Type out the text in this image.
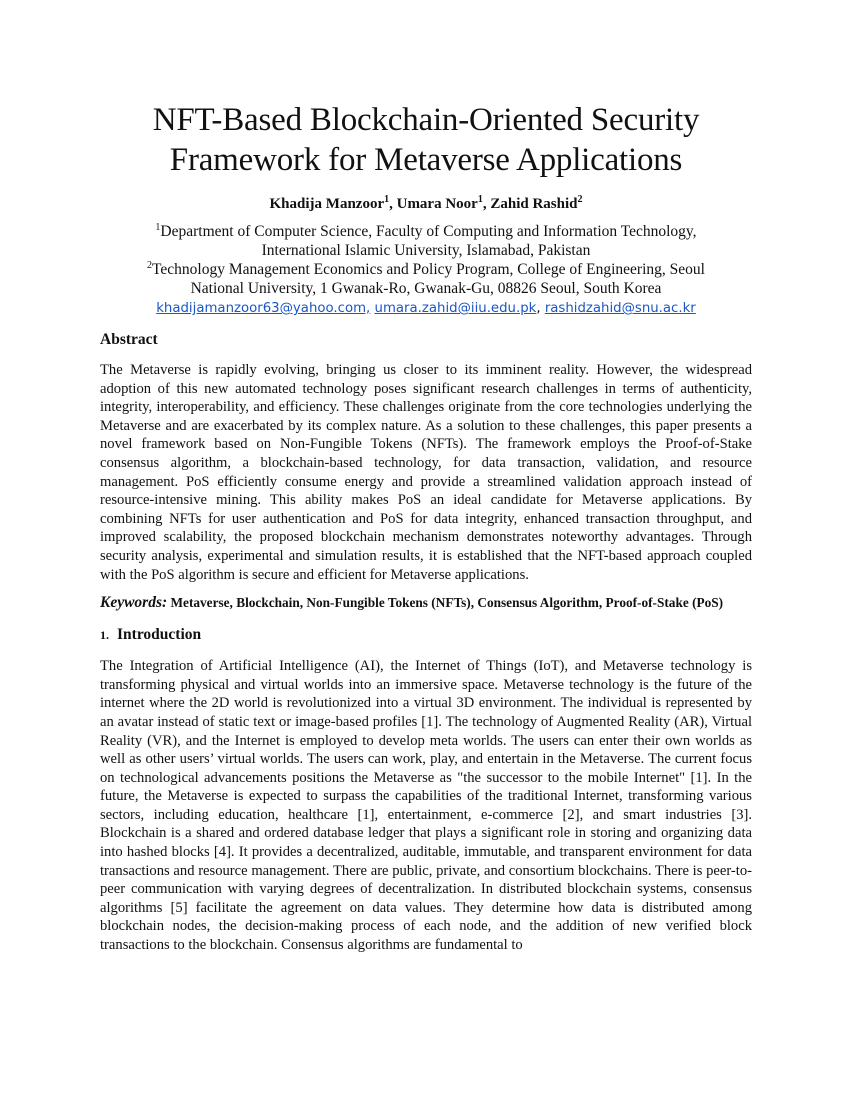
NFT-Based Blockchain-Oriented Security
Framework for Metaverse Applications
Khadija Manzoor$^1$, Umara Noor$^1$, Zahid Rashid$^2$
$^1$Department of Computer Science, Faculty of Computing and Information Technology,
International Islamic University, Islamabad, Pakistan
$^2$Technology Management Economics and Policy Program, College of Engineering, Seoul
National University, 1 Gwanak-Ro, Gwanak-Gu, 08826 Seoul, South Korea
khadijamanzoor63@yahoo.com, umara.zahid@iiu.edu.pk, rashidzahid@snu.ac.kr
Abstract

The Metaverse is rapidly evolving, bringing us closer to its imminent reality. However, the widespread adoption of this new automated technology poses significant research challenges in terms of authenticity, integrity, interoperability, and efficiency. These challenges originate from the core technologies underlying the Metaverse and are exacerbated by its complex nature. As a solution to these challenges, this paper presents a novel framework based on Non-Fungible Tokens (NFTs). The framework employs the Proof-of-Stake consensus algorithm, a blockchain-based technology, for data transaction, validation, and resource management. PoS efficiently consume energy and provide a streamlined validation approach instead of resource-intensive mining. This ability makes PoS an ideal candidate for Metaverse applications. By combining NFTs for user authentication and PoS for data integrity, enhanced transaction throughput, and improved scalability, the proposed blockchain mechanism demonstrates noteworthy advantages. Through security analysis, experimental and simulation results, it is established that the NFT-based approach coupled with the PoS algorithm is secure and efficient for Metaverse applications.

Keywords: Metaverse, Blockchain, Non-Fungible Tokens (NFTs), Consensus Algorithm, Proof-of-Stake (PoS)
1. Introduction

The Integration of Artificial Intelligence (AI), the Internet of Things (IoT), and Metaverse technology is transforming physical and virtual worlds into an immersive space. Metaverse technology is the future of the internet where the 2D world is revolutionized into a virtual 3D environment. The individual is represented by an avatar instead of static text or image-based profiles [1]. The technology of Augmented Reality (AR), Virtual Reality (VR), and the Internet is employed to develop meta worlds. The users can enter their own worlds as well as other users’ virtual worlds. The users can work, play, and entertain in the Metaverse. The current focus on technological advancements positions the Metaverse as "the successor to the mobile Internet" [1]. In the future, the Metaverse is expected to surpass the capabilities of the traditional Internet, transforming various sectors, including education, healthcare [1], entertainment, e-commerce [2], and smart industries [3]. Blockchain is a shared and ordered database ledger that plays a significant role in storing and organizing data into hashed blocks [4]. It provides a decentralized, auditable, immutable, and transparent environment for data transactions and resource management. There are public, private, and consortium blockchains. There is peer-to-peer communication with varying degrees of decentralization. In distributed blockchain systems, consensus algorithms [5] facilitate the agreement on data values. They determine how data is distributed among blockchain nodes, the decision-making process of each node, and the addition of new verified block transactions to the blockchain. Consensus algorithms are fundamental to
